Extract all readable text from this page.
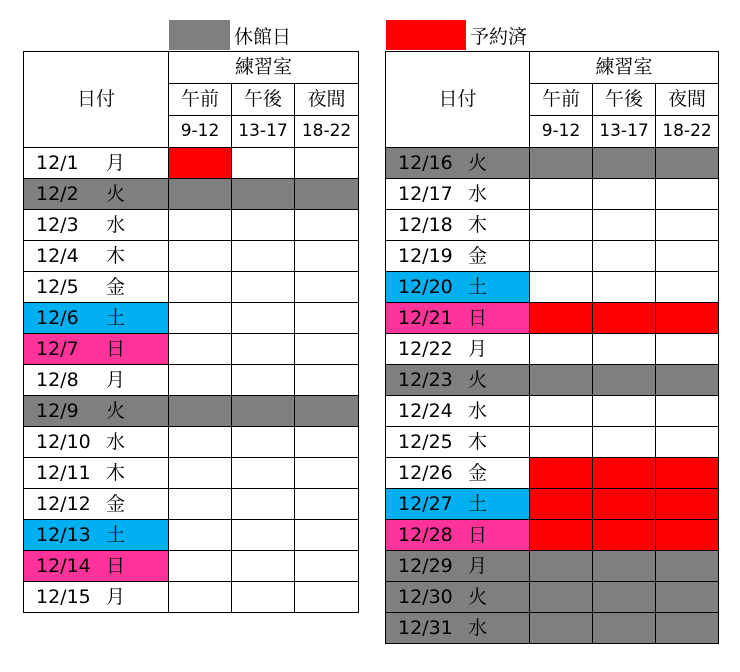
休館日	予約済
日付	練習室		
	午前	午後	夜間
	9-12	13-17	18-22
12/1 月			
12/2 火			
12/3 水			
12/4 木			
12/5 金			
12/6 土			
12/7 日			
12/8 月			
12/9 火			
12/10 水			
12/11 木			
12/12 金			
12/13 土			
12/14 日			
12/15 月			
日付	練習室		
	午前	午後	夜間
	9-12	13-17	18-22
12/16 火			
12/17 水			
12/18 木			
12/19 金			
12/20 土			
12/21 日			
12/22 月			
12/23 火			
12/24 水			
12/25 木			
12/26 金			
12/27 土			
12/28 日			
12/29 月			
12/30 火			
12/31 水			
